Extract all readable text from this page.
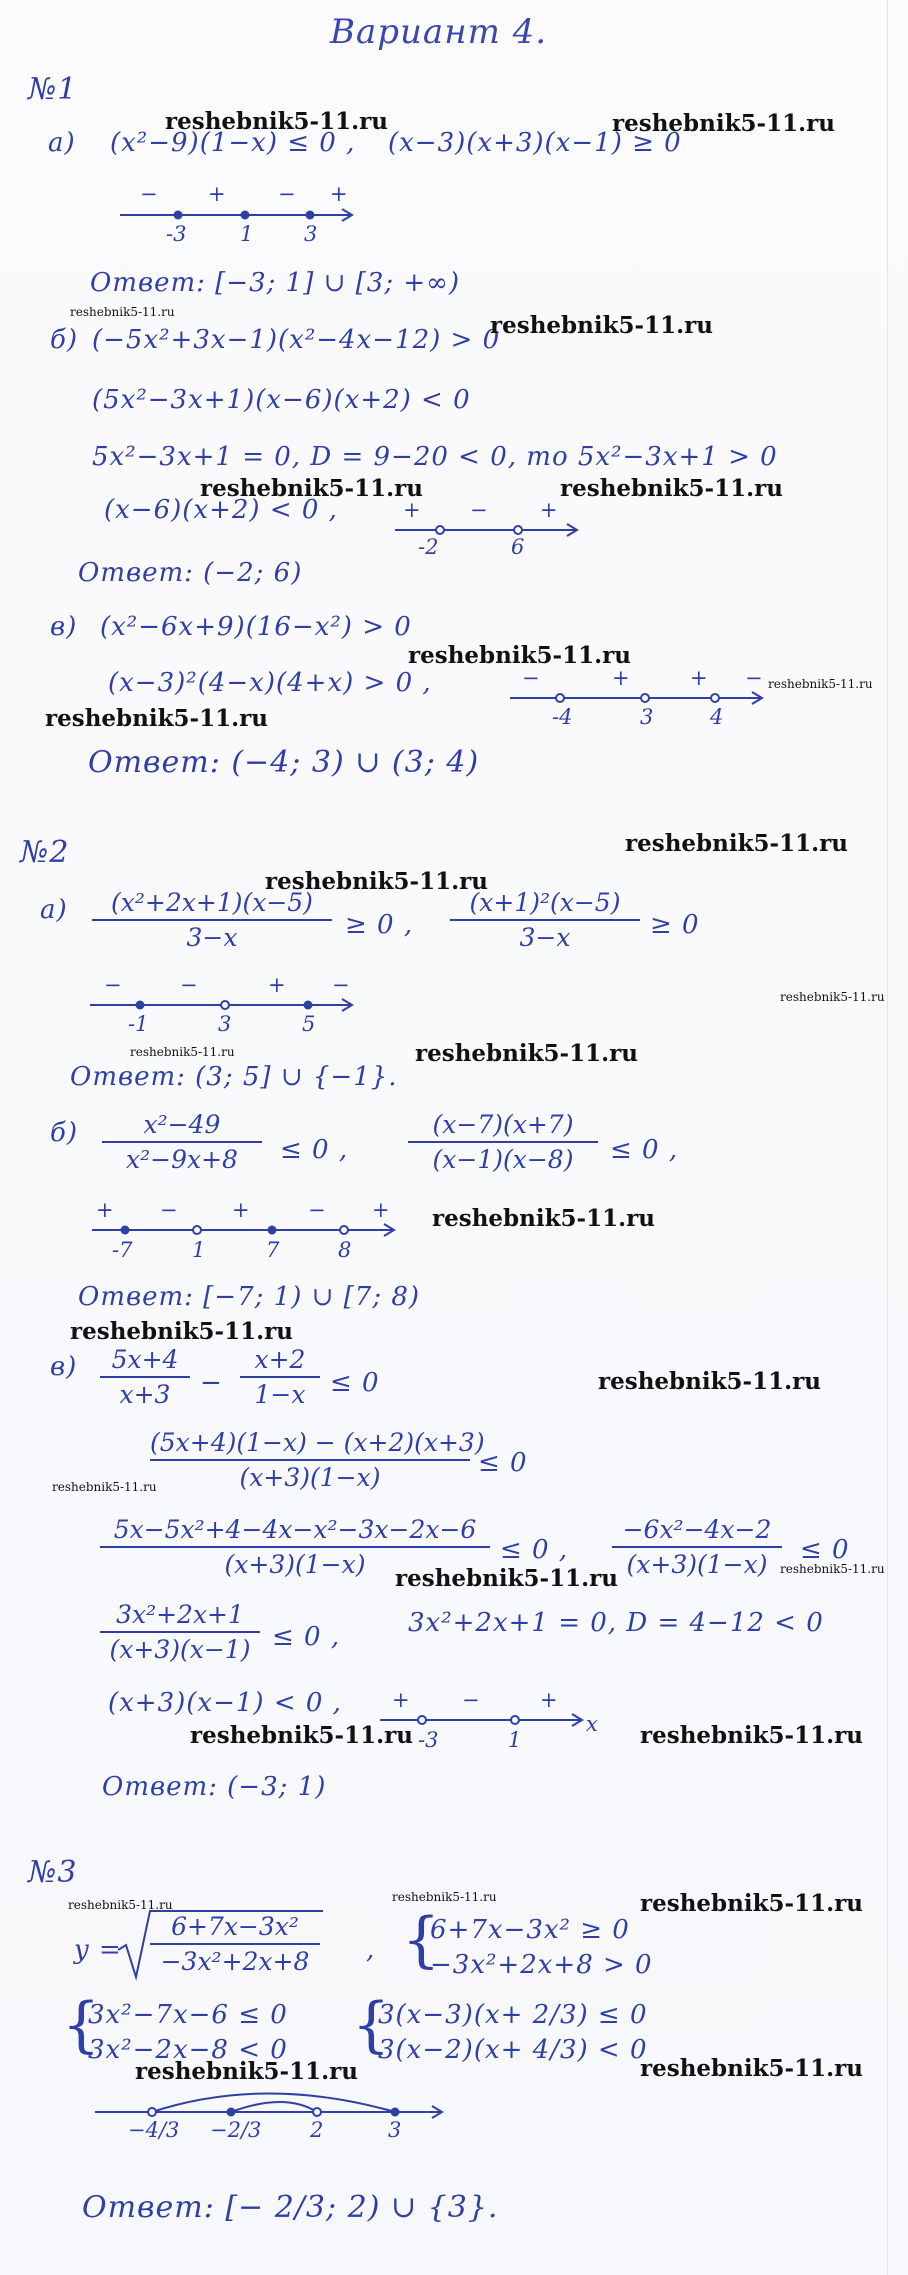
Вариант 4.
№1
reshebnik5-11.ru	reshebnik5-11.ru
а) (x²−9)(1−x) ≤ 0 , (x−3)(x+3)(x−1) ≥ 0
− + − +
-3	1 3
Ответ: [−3; 1] ∪ [3; +∞)
reshebnik5-11.ru
б) (−5x²+3x−1)(x²−4x−12) > 0
reshebnik5-11.ru
(5x²−3x+1)(x−6)(x+2) < 0
5x²−3x+1 = 0, D = 9−20 < 0, то 5x²−3x+1 > 0
reshebnik5-11.ru	reshebnik5-11.ru
(x−6)(x+2) < 0 ,	+ − +
-2	6
Ответ: (−2; 6)
в) (x²−6x+9)(16−x²) > 0
reshebnik5-11.ru
(x−3)²(4−x)(4+x) > 0 ,	−	+	+ − reshebnik5-11.ru
-4	3	4
reshebnik5-11.ru
Ответ: (−4; 3) ∪ (3; 4)
№2	reshebnik5-11.ru
reshebnik5-11.ru
а)	(x²+2x+1)(x−5)
3−x	≥ 0 ,
(x+1)²(x−5)
3−x	≥ 0
−	−	+ −
-1	3	5
reshebnik5-11.ru
reshebnik5-11.ru	reshebnik5-11.ru
Ответ: (3; 5] ∪ {−1}.
б)	x²−49
x²−9x+8	≤ 0 ,
(x−7)(x+7)
(x−1)(x−8)	≤ 0 ,
+ −	+	− +
-7	1	7	8
reshebnik5-11.ru
Ответ: [−7; 1) ∪ [7; 8)
reshebnik5-11.ru
в)	5x+4
x+3	−
x+2
1−x ≤ 0	reshebnik5-11.ru
(5x+4)(1−x) − (x+2)(x+3)
(x+3)(1−x)	≤ 0
reshebnik5-11.ru
5x−5x²+4−4x−x²−3x−2x−6
(x+3)(1−x)	≤ 0 ,
−6x²−4x−2
(x+3)(1−x)	≤ 0
reshebnik5-11.ru
reshebnik5-11.ru
3x²+2x+1
(x+3)(x−1) ≤ 0 ,	3x²+2x+1 = 0, D = 4−12 < 0
(x+3)(x−1) < 0 , + −	+
x
-3	1
reshebnik5-11.ru	reshebnik5-11.ru
Ответ: (−3; 1)
№3
reshebnik5-11.ru
reshebnik5-11.ru	reshebnik5-11.ru
y =
6+7x−3x²
−3x²+2x+8	, {
6+7x−3x² ≥ 0
−3x²+2x+8 > 0
{
3x²−7x−6 ≤ 0
3x²−2x−8 < 0 {
3(x−3)(x+ 2/3) ≤ 0
3(x−2)(x+ 4/3) < 0
reshebnik5-11.ru	reshebnik5-11.ru
−4/3 −2/3 2	3
Ответ: [− 2/3; 2) ∪ {3}.
